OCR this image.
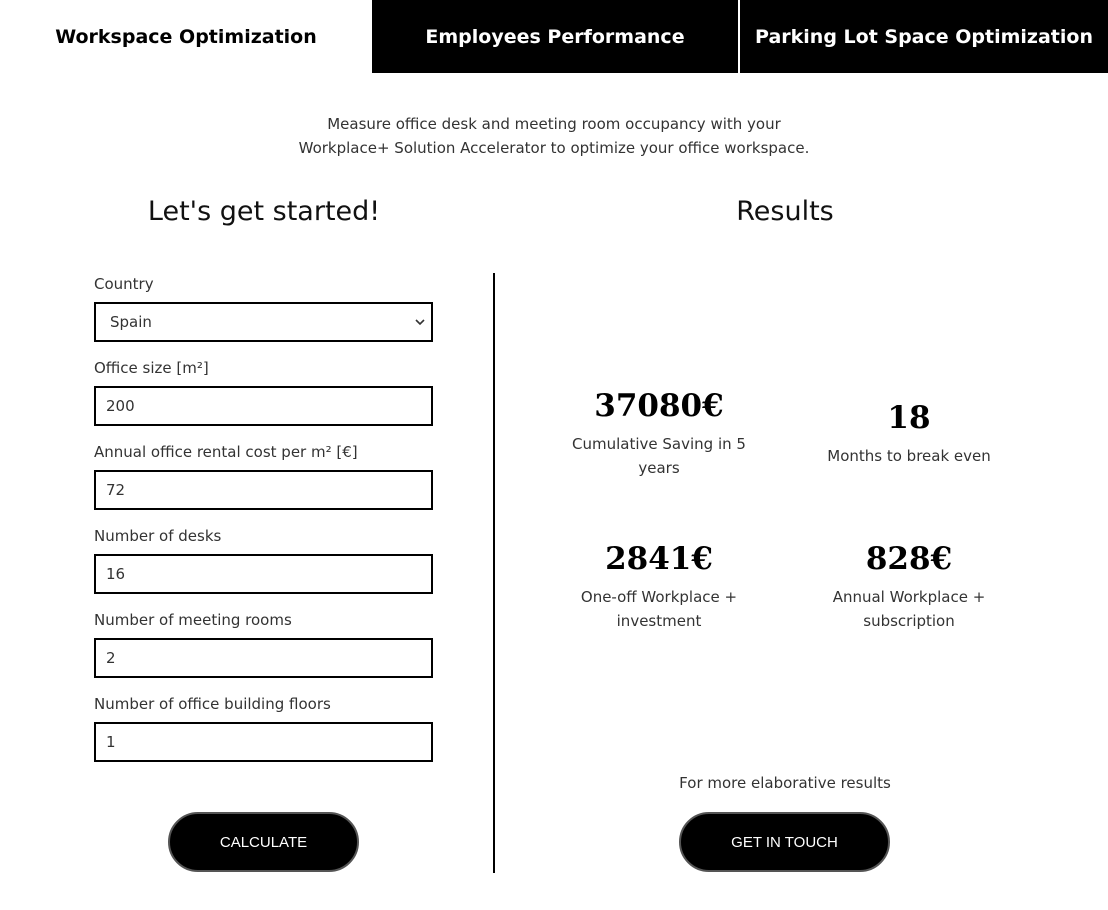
Workspace Optimization	Employees Performance	Parking Lot Space Optimization
Measure office desk and meeting room occupancy with your
Workplace+ Solution Accelerator to optimize your office workspace.
Let's get started!	Results
Country
Spain
Office size [m²]
200
Annual office rental cost per m² [€]
72
Number of desks
16
Number of meeting rooms
2
Number of office building floors
1
CALCULATE
37080€
Cumulative Saving in 5
years
18
Months to break even
2841€
One-off Workplace +
investment
828€
Annual Workplace +
subscription
For more elaborative results
GET IN TOUCH
